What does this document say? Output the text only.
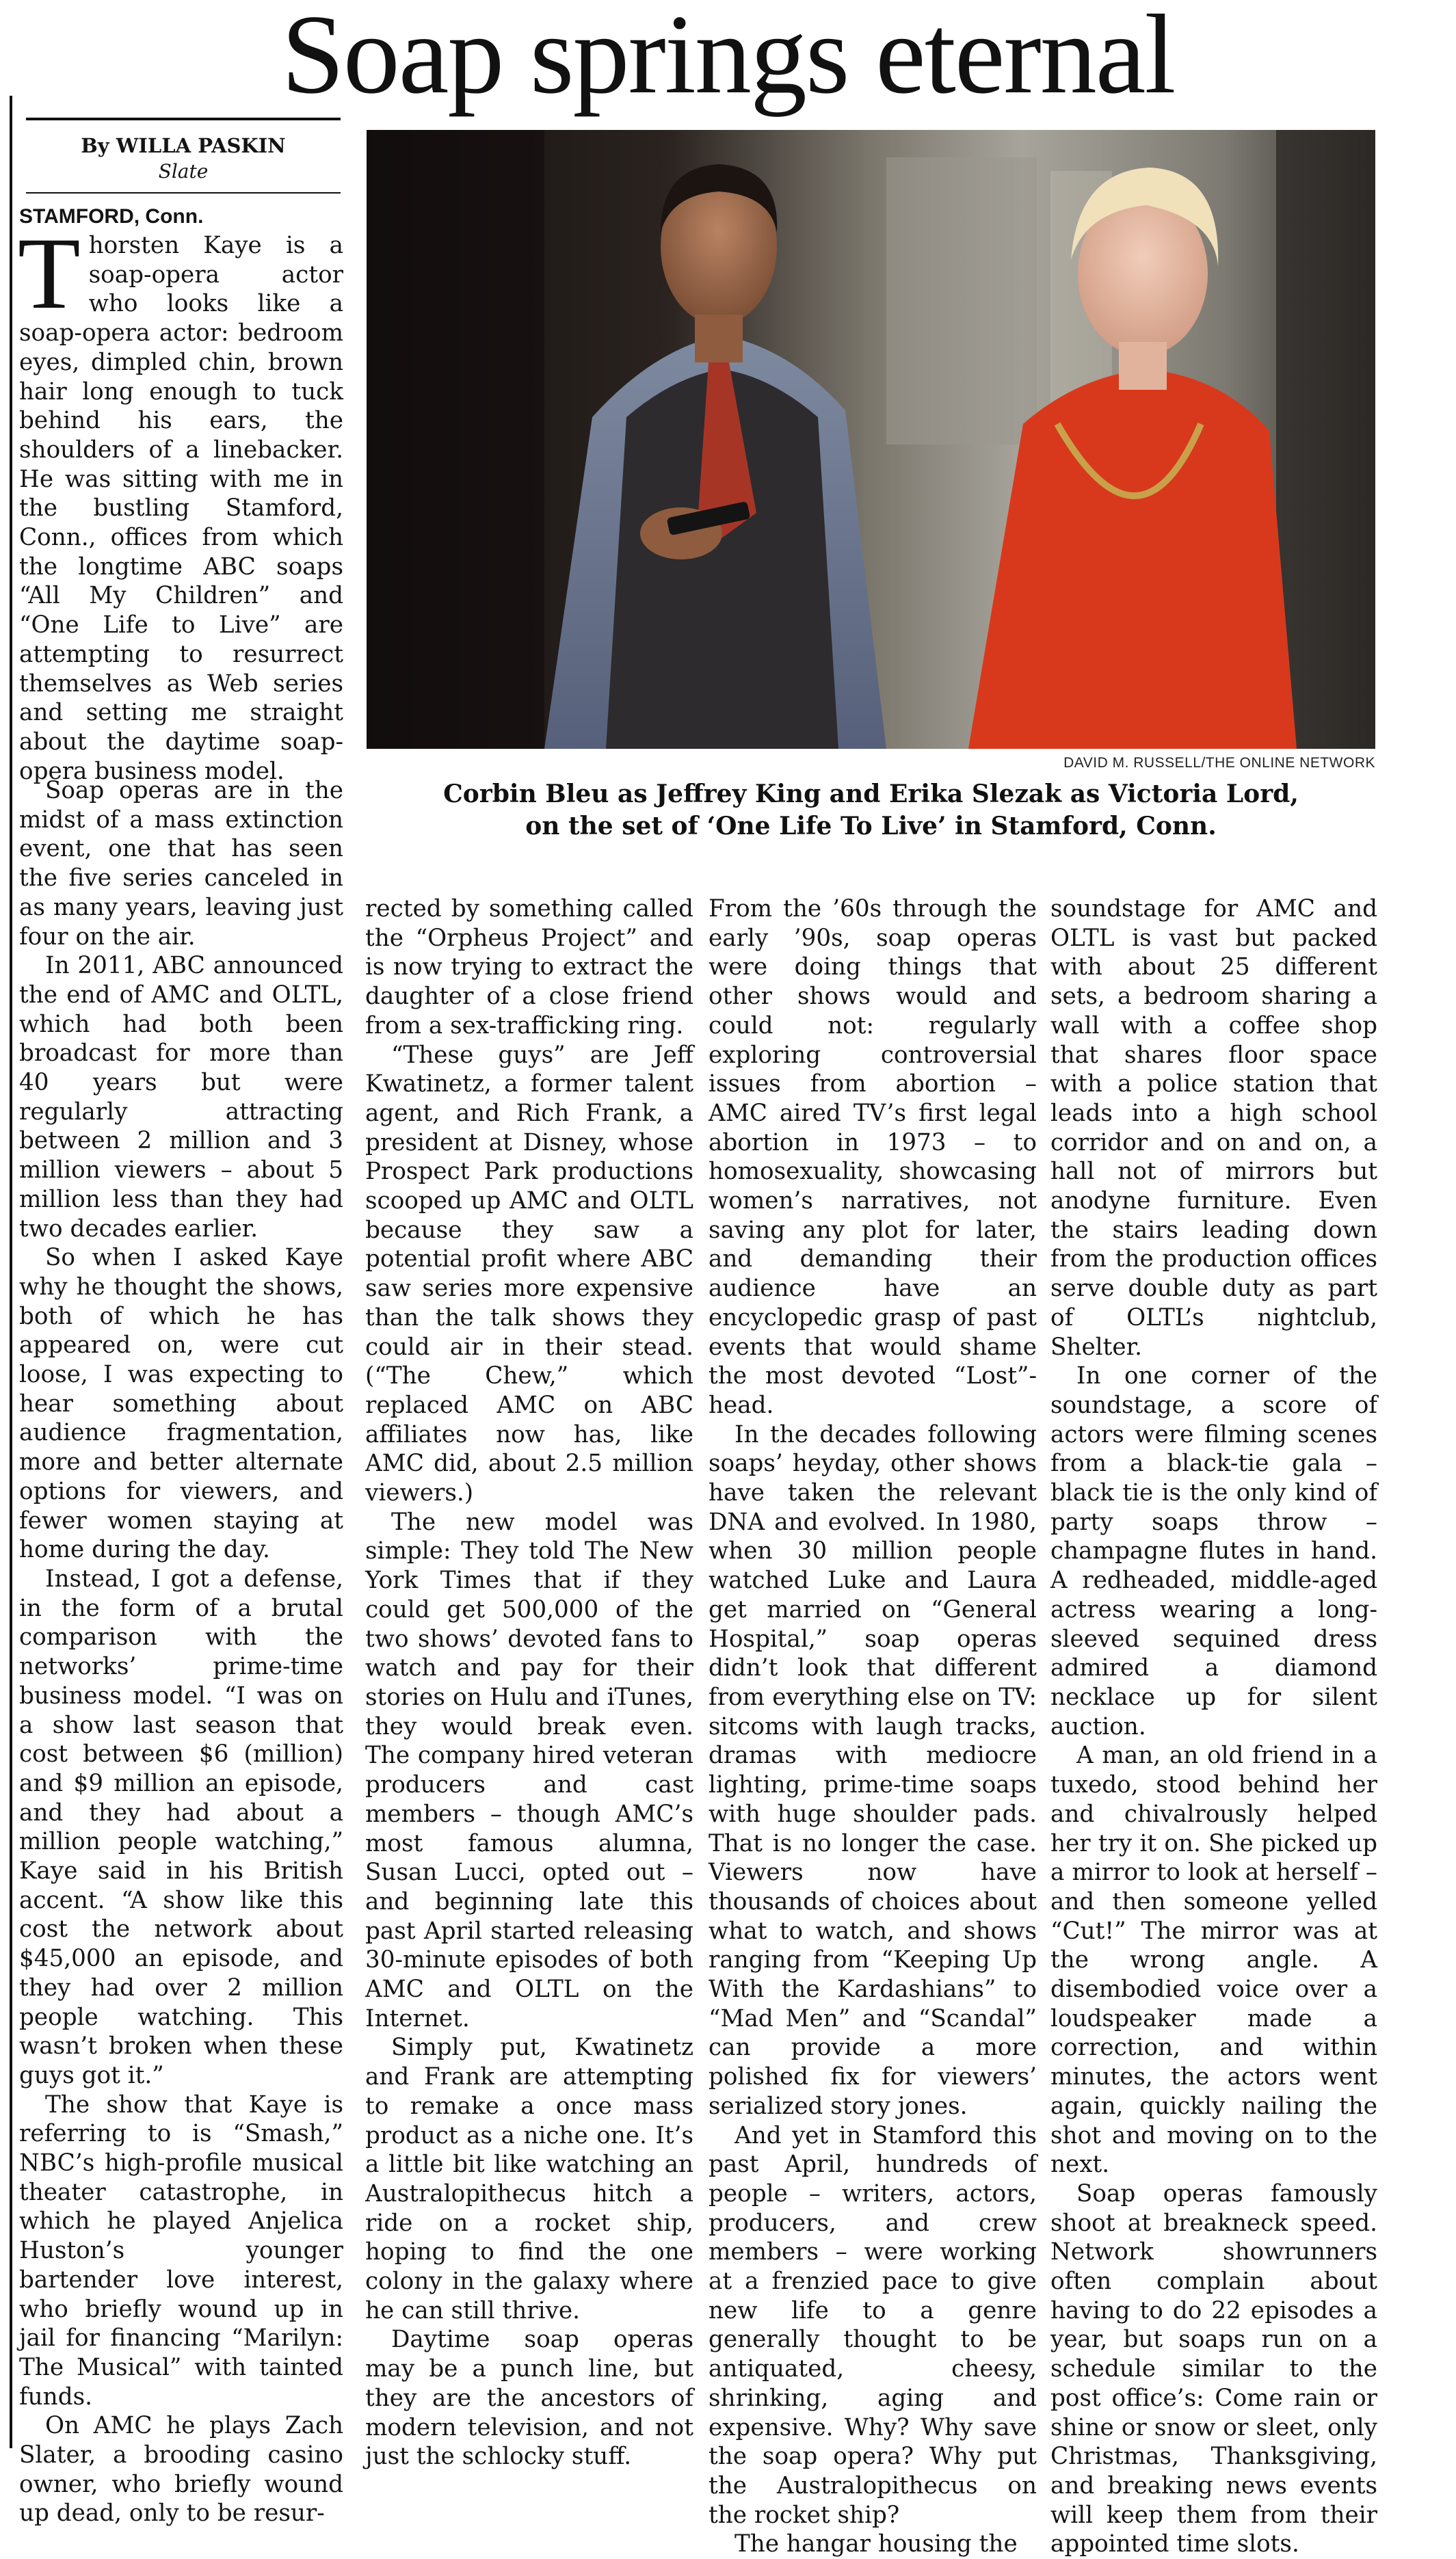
Soap springs eternal
By WILLA PASKIN
Slate
DAVID M. RUSSELL/THE ONLINE NETWORK
Corbin Bleu as Jeffrey King and Erika Slezak as Victoria Lord,
on the set of ‘One Life To Live’ in Stamford, Conn.
STAMFORD, Conn.

Thorsten Kaye is a soap-opera actor who looks like a soap-opera actor: bedroom eyes, dimpled chin, brown hair long enough to tuck behind his ears, the shoulders of a linebacker. He was sitting with me in the bustling Stamford, Conn., offices from which the longtime ABC soaps “All My Children” and “One Life to Live” are attempting to resurrect themselves as Web series and setting me straight about the daytime soap-opera business model.

Soap operas are in the midst of a mass extinction event, one that has seen the five series canceled in as many years, leaving just four on the air.

In 2011, ABC announced the end of AMC and OLTL, which had both been broadcast for more than 40 years but were regularly attracting between 2 million and 3 million viewers – about 5 million less than they had two decades earlier.

So when I asked Kaye why he thought the shows, both of which he has appeared on, were cut loose, I was expecting to hear something about audience fragmentation, more and better alternate options for viewers, and fewer women staying at home during the day.

Instead, I got a defense, in the form of a brutal comparison with the networks’ prime-time business model. “I was on a show last season that cost between $6 (million) and $9 million an episode, and they had about a million people watching,” Kaye said in his British accent. “A show like this cost the network about $45,000 an episode, and they had over 2 million people watching. This wasn’t broken when these guys got it.”

The show that Kaye is referring to is “Smash,” NBC’s high-profile musical theater catastrophe, in which he played Anjelica Huston’s younger bartender love interest, who briefly wound up in jail for financing “Marilyn: The Musical” with tainted funds.

On AMC he plays Zach Slater, a brooding casino owner, who briefly wound up dead, only to be resur-

rected by something called the “Orpheus Project” and is now trying to extract the daughter of a close friend from a sex-trafficking ring.

“These guys” are Jeff Kwatinetz, a former talent agent, and Rich Frank, a president at Disney, whose Prospect Park productions scooped up AMC and OLTL because they saw a potential profit where ABC saw series more expensive than the talk shows they could air in their stead. (“The Chew,” which replaced AMC on ABC affiliates now has, like AMC did, about 2.5 million viewers.)

The new model was simple: They told The New York Times that if they could get 500,000 of the two shows’ devoted fans to watch and pay for their stories on Hulu and iTunes, they would break even. The company hired veteran producers and cast members – though AMC’s most famous alumna, Susan Lucci, opted out – and beginning late this past April started releasing 30-minute episodes of both AMC and OLTL on the Internet.

Simply put, Kwatinetz and Frank are attempting to remake a once mass product as a niche one. It’s a little bit like watching an Australopithecus hitch a ride on a rocket ship, hoping to find the one colony in the galaxy where he can still thrive.

Daytime soap operas may be a punch line, but they are the ancestors of modern television, and not just the schlocky stuff.

From the ’60s through the early ’90s, soap operas were doing things that other shows would and could not: regularly exploring controversial issues from abortion – AMC aired TV’s first legal abortion in 1973 – to homosexuality, showcasing women’s narratives, not saving any plot for later, and demanding their audience have an encyclopedic grasp of past events that would shame the most devoted “Lost”-head.

In the decades following soaps’ heyday, other shows have taken the relevant DNA and evolved. In 1980, when 30 million people watched Luke and Laura get married on “General Hospital,” soap operas didn’t look that different from everything else on TV: sitcoms with laugh tracks, dramas with mediocre lighting, prime-time soaps with huge shoulder pads. That is no longer the case. Viewers now have thousands of choices about what to watch, and shows ranging from “Keeping Up With the Kardashians” to “Mad Men” and “Scandal” can provide a more polished fix for viewers’ serialized story jones.

And yet in Stamford this past April, hundreds of people – writers, actors, producers, and crew members – were working at a frenzied pace to give new life to a genre generally thought to be antiquated, cheesy, shrinking, aging and expensive. Why? Why save the soap opera? Why put the Australopithecus on the rocket ship?

The hangar housing the

soundstage for AMC and OLTL is vast but packed with about 25 different sets, a bedroom sharing a wall with a coffee shop that shares floor space with a police station that leads into a high school corridor and on and on, a hall not of mirrors but anodyne furniture. Even the stairs leading down from the production offices serve double duty as part of OLTL’s nightclub, Shelter.

In one corner of the soundstage, a score of actors were filming scenes from a black-tie gala – black tie is the only kind of party soaps throw – champagne flutes in hand. A redheaded, middle-aged actress wearing a long-sleeved sequined dress admired a diamond necklace up for silent auction.

A man, an old friend in a tuxedo, stood behind her and chivalrously helped her try it on. She picked up a mirror to look at herself – and then someone yelled “Cut!” The mirror was at the wrong angle. A disembodied voice over a loudspeaker made a correction, and within minutes, the actors went again, quickly nailing the shot and moving on to the next.

Soap operas famously shoot at breakneck speed. Network showrunners often complain about having to do 22 episodes a year, but soaps run on a schedule similar to the post office’s: Come rain or shine or snow or sleet, only Christmas, Thanksgiving, and breaking news events will keep them from their appointed time slots.
